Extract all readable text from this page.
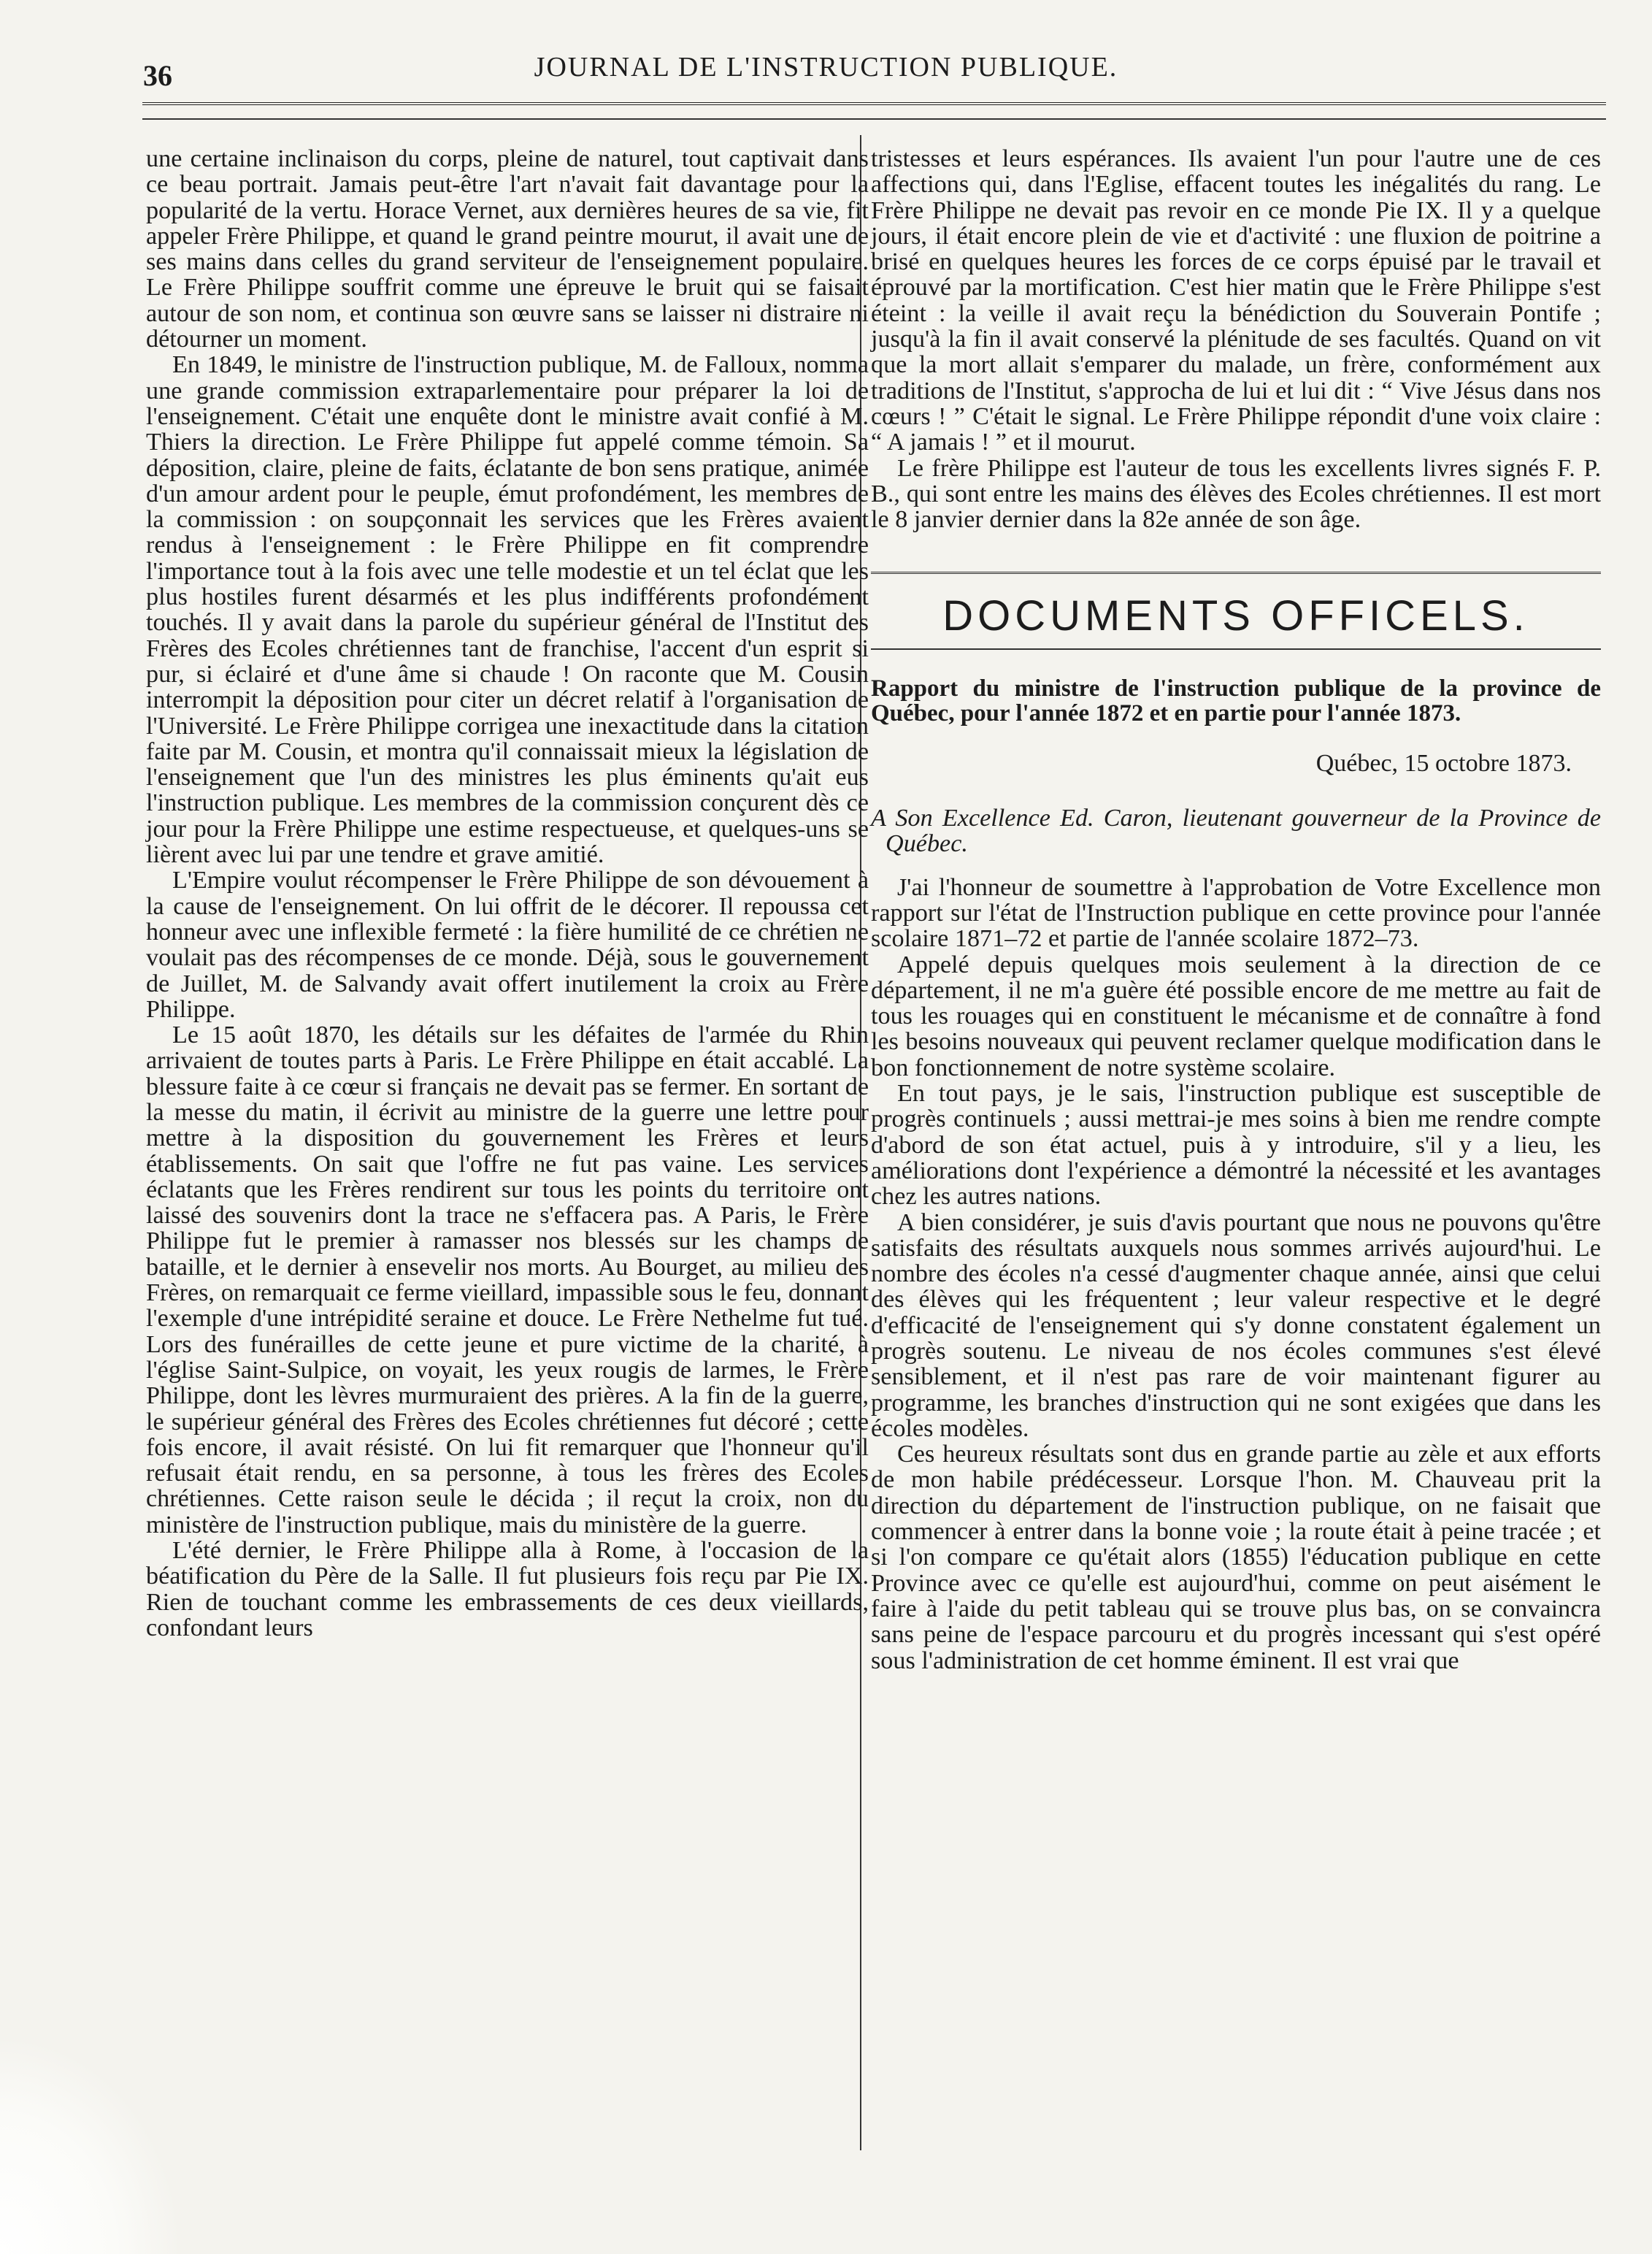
36	JOURNAL DE L'INSTRUCTION PUBLIQUE.

une certaine inclinaison du corps, pleine de naturel, tout captivait dans ce beau portrait. Jamais peut-être l'art n'avait fait davantage pour la popularité de la vertu. Horace Vernet, aux dernières heures de sa vie, fit appeler Frère Philippe, et quand le grand peintre mourut, il avait une de ses mains dans celles du grand serviteur de l'enseignement populaire. Le Frère Philippe souffrit comme une épreuve le bruit qui se faisait autour de son nom, et continua son œuvre sans se laisser ni distraire ni détourner un moment.

En 1849, le ministre de l'instruction publique, M. de Falloux, nomma une grande commission extraparlementaire pour préparer la loi de l'enseignement. C'était une enquête dont le ministre avait confié à M. Thiers la direction. Le Frère Philippe fut appelé comme témoin. Sa déposition, claire, pleine de faits, éclatante de bon sens pratique, animée d'un amour ardent pour le peuple, émut profondément, les membres de la commission : on soupçonnait les services que les Frères avaient rendus à l'enseignement : le Frère Philippe en fit comprendre l'importance tout à la fois avec une telle modestie et un tel éclat que les plus hostiles furent désarmés et les plus indifférents profondément touchés. Il y avait dans la parole du supérieur général de l'Institut des Frères des Ecoles chrétiennes tant de franchise, l'accent d'un esprit si pur, si éclairé et d'une âme si chaude ! On raconte que M. Cousin interrompit la déposition pour citer un décret relatif à l'organisation de l'Université. Le Frère Philippe corrigea une inexactitude dans la citation faite par M. Cousin, et montra qu'il connaissait mieux la législation de l'enseignement que l'un des ministres les plus éminents qu'ait eus l'instruction publique. Les membres de la commission conçurent dès ce jour pour la Frère Philippe une estime respectueuse, et quelques-uns se lièrent avec lui par une tendre et grave amitié.

L'Empire voulut récompenser le Frère Philippe de son dévouement à la cause de l'enseignement. On lui offrit de le décorer. Il repoussa cet honneur avec une inflexible fermeté : la fière humilité de ce chrétien ne voulait pas des récompenses de ce monde. Déjà, sous le gouvernement de Juillet, M. de Salvandy avait offert inutilement la croix au Frère Philippe.

Le 15 août 1870, les détails sur les défaites de l'armée du Rhin arrivaient de toutes parts à Paris. Le Frère Philippe en était accablé. La blessure faite à ce cœur si français ne devait pas se fermer. En sortant de la messe du matin, il écrivit au ministre de la guerre une lettre pour mettre à la disposition du gouvernement les Frères et leurs établissements. On sait que l'offre ne fut pas vaine. Les services éclatants que les Frères rendirent sur tous les points du territoire ont laissé des souvenirs dont la trace ne s'effacera pas. A Paris, le Frère Philippe fut le premier à ramasser nos blessés sur les champs de bataille, et le dernier à ensevelir nos morts. Au Bourget, au milieu des Frères, on remarquait ce ferme vieillard, impassible sous le feu, donnant l'exemple d'une intrépidité seraine et douce. Le Frère Nethelme fut tué. Lors des funérailles de cette jeune et pure victime de la charité, à l'église Saint-Sulpice, on voyait, les yeux rougis de larmes, le Frère Philippe, dont les lèvres murmuraient des prières. A la fin de la guerre, le supérieur général des Frères des Ecoles chrétiennes fut décoré ; cette fois encore, il avait résisté. On lui fit remarquer que l'honneur qu'il refusait était rendu, en sa personne, à tous les frères des Ecoles chrétiennes. Cette raison seule le décida ; il reçut la croix, non du ministère de l'instruction publique, mais du ministère de la guerre.

L'été dernier, le Frère Philippe alla à Rome, à l'occasion de la béatification du Père de la Salle. Il fut plusieurs fois reçu par Pie IX. Rien de touchant comme les embrassements de ces deux vieillards, confondant leurs

tristesses et leurs espérances. Ils avaient l'un pour l'autre une de ces affections qui, dans l'Eglise, effacent toutes les inégalités du rang. Le Frère Philippe ne devait pas revoir en ce monde Pie IX. Il y a quelque jours, il était encore plein de vie et d'activité : une fluxion de poitrine a brisé en quelques heures les forces de ce corps épuisé par le travail et éprouvé par la mortification. C'est hier matin que le Frère Philippe s'est éteint : la veille il avait reçu la bénédiction du Souverain Pontife ; jusqu'à la fin il avait conservé la plénitude de ses facultés. Quand on vit que la mort allait s'emparer du malade, un frère, conformément aux traditions de l'Institut, s'approcha de lui et lui dit : “ Vive Jésus dans nos cœurs ! ” C'était le signal. Le Frère Philippe répondit d'une voix claire : “ A jamais ! ” et il mourut.

Le frère Philippe est l'auteur de tous les excellents livres signés F. P. B., qui sont entre les mains des élèves des Ecoles chrétiennes. Il est mort le 8 janvier dernier dans la 82e année de son âge.

DOCUMENTS OFFICELS.
Rapport du ministre de l'instruction publique de la province de Québec, pour l'année 1872 et en partie pour l'année 1873.
Québec, 15 octobre 1873.
A Son Excellence Ed. Caron, lieutenant gouverneur de la Province de Québec.

J'ai l'honneur de soumettre à l'approbation de Votre Excellence mon rapport sur l'état de l'Instruction publique en cette province pour l'année scolaire 1871–72 et partie de l'année scolaire 1872–73.

Appelé depuis quelques mois seulement à la direction de ce département, il ne m'a guère été possible encore de me mettre au fait de tous les rouages qui en constituent le mécanisme et de connaître à fond les besoins nouveaux qui peuvent reclamer quelque modification dans le bon fonctionnement de notre système scolaire.

En tout pays, je le sais, l'instruction publique est susceptible de progrès continuels ; aussi mettrai-je mes soins à bien me rendre compte d'abord de son état actuel, puis à y introduire, s'il y a lieu, les améliorations dont l'expérience a démontré la nécessité et les avantages chez les autres nations.

A bien considérer, je suis d'avis pourtant que nous ne pouvons qu'être satisfaits des résultats auxquels nous sommes arrivés aujourd'hui. Le nombre des écoles n'a cessé d'augmenter chaque année, ainsi que celui des élèves qui les fréquentent ; leur valeur respective et le degré d'efficacité de l'enseignement qui s'y donne constatent également un progrès soutenu. Le niveau de nos écoles communes s'est élevé sensiblement, et il n'est pas rare de voir maintenant figurer au programme, les branches d'instruction qui ne sont exigées que dans les écoles modèles.

Ces heureux résultats sont dus en grande partie au zèle et aux efforts de mon habile prédécesseur. Lorsque l'hon. M. Chauveau prit la direction du département de l'instruction publique, on ne faisait que commencer à entrer dans la bonne voie ; la route était à peine tracée ; et si l'on compare ce qu'était alors (1855) l'éducation publique en cette Province avec ce qu'elle est aujourd'hui, comme on peut aisément le faire à l'aide du petit tableau qui se trouve plus bas, on se convaincra sans peine de l'espace parcouru et du progrès incessant qui s'est opéré sous l'administration de cet homme éminent. Il est vrai que
